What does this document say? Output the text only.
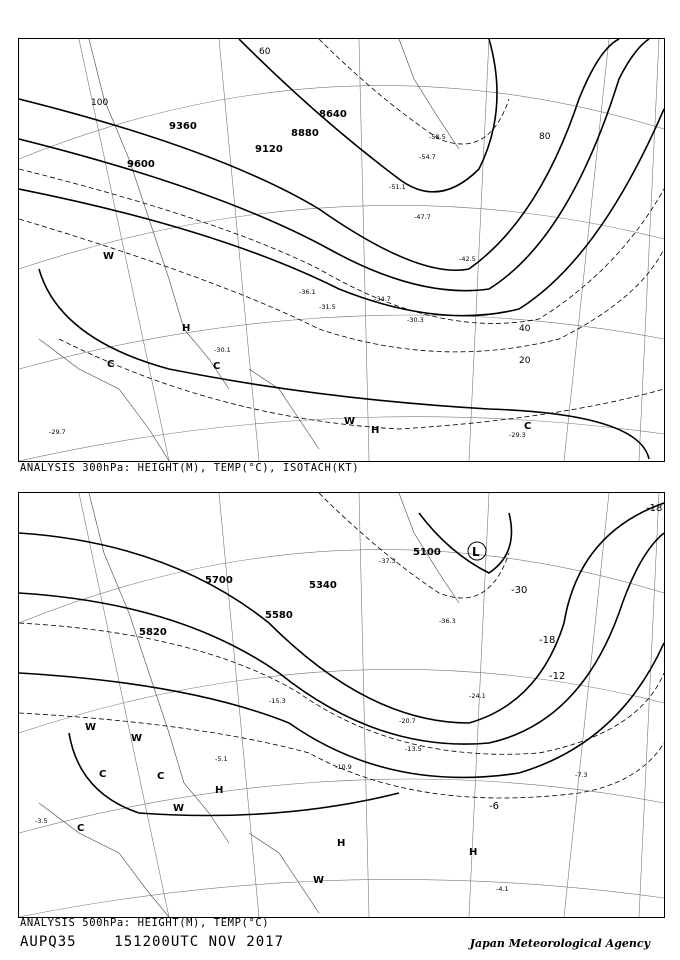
9360
9600
9120
8880
8640
100
80
60
40
20
-58.5
-54.7
-51.1
-47.7
-42.5
-36.1
-34.7
-31.5
-30.3
-30.1
-29.7	-29.3
H
C
W
C
W
H	C
ANALYSIS 300hPa: HEIGHT(M), TEMP(°C), ISOTACH(KT)
5100
5340
5580
5700
5820
L
-18
-12
-6
-30
-18
-37.3
-36.3
-24.1
-20.7
-15.3
-13.5
-10.9
-7.3
-5.1
-4.1
-3.5
H
H
H
W
W
C	C
C
W
W
ANALYSIS 500hPa: HEIGHT(M), TEMP(°C)
AUPQ35    151200UTC NOV 2017	Japan Meteorological Agency
